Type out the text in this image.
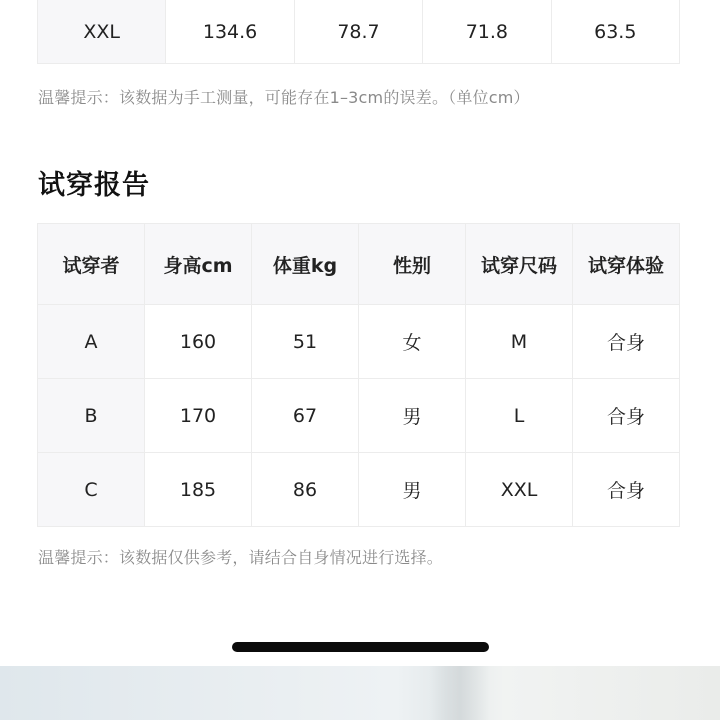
XXL	134.6	78.7	71.8	63.5
温馨提示：该数据为手工测量，可能存在1–3cm的误差。（单位cm）
试穿报告
试穿者	身高cm	体重kg	性别	试穿尺码	试穿体验
A	160	51	女	M	合身
B	170	67	男	L	合身
C	185	86	男	XXL	合身
温馨提示：该数据仅供参考，请结合自身情况进行选择。
